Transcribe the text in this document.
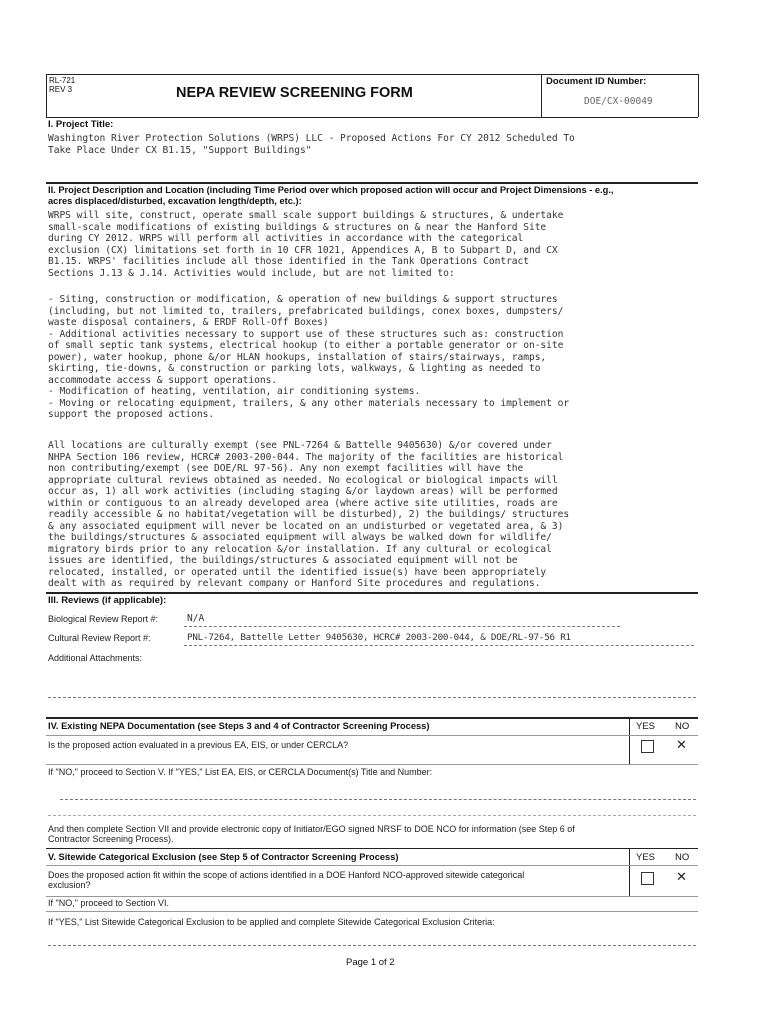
RL-721
REV 3	NEPA REVIEW SCREENING FORM
Document ID Number:
DOE/CX-00049
I. Project Title:
Washington River Protection Solutions (WRPS) LLC - Proposed Actions For CY 2012 Scheduled To
Take Place Under CX B1.15, "Support Buildings"
II. Project Description and Location (including Time Period over which proposed action will occur and Project Dimensions - e.g.,
acres displaced/disturbed, excavation length/depth, etc.):
WRPS will site, construct, operate small scale support buildings & structures, & undertake
small-scale modifications of existing buildings & structures on & near the Hanford Site
during CY 2012. WRPS will perform all activities in accordance with the categorical
exclusion (CX) limitations set forth in 10 CFR 1021, Appendices A, B to Subpart D, and CX
B1.15. WRPS' facilities include all those identified in the Tank Operations Contract
Sections J.13 & J.14. Activities would include, but are not limited to:
- Siting, construction or modification, & operation of new buildings & support structures
(including, but not limited to, trailers, prefabricated buildings, conex boxes, dumpsters/
waste disposal containers, & ERDF Roll-Off Boxes)
- Additional activities necessary to support use of these structures such as: construction
of small septic tank systems, electrical hookup (to either a portable generator or on-site
power), water hookup, phone &/or HLAN hookups, installation of stairs/stairways, ramps,
skirting, tie-downs, & construction or parking lots, walkways, & lighting as needed to
accommodate access & support operations.
- Modification of heating, ventilation, air conditioning systems.
- Moving or relocating equipment, trailers, & any other materials necessary to implement or
support the proposed actions.
All locations are culturally exempt (see PNL-7264 & Battelle 9405630) &/or covered under
NHPA Section 106 review, HCRC# 2003-200-044. The majority of the facilities are historical
non contributing/exempt (see DOE/RL 97-56). Any non exempt facilities will have the
appropriate cultural reviews obtained as needed. No ecological or biological impacts will
occur as, 1) all work activities (including staging &/or laydown areas) will be performed
within or contiguous to an already developed area (where active site utilities, roads are
readily accessible & no habitat/vegetation will be disturbed), 2) the buildings/ structures
& any associated equipment will never be located on an undisturbed or vegetated area, & 3)
the buildings/structures & associated equipment will always be walked down for wildlife/
migratory birds prior to any relocation &/or installation. If any cultural or ecological
issues are identified, the buildings/structures & associated equipment will not be
relocated, installed, or operated until the identified issue(s) have been appropriately
dealt with as required by relevant company or Hanford Site procedures and regulations.
III. Reviews (if applicable):
Biological Review Report #:	N/A
Cultural Review Report #:	PNL-7264, Battelle Letter 9405630, HCRC# 2003-200-044, & DOE/RL-97-56 R1
Additional Attachments:
IV. Existing NEPA Documentation (see Steps 3 and 4 of Contractor Screening Process)	YES NO
Is the proposed action evaluated in a previous EA, EIS, or under CERCLA?	✕
If "NO," proceed to Section V. If "YES," List EA, EIS, or CERCLA Document(s) Title and Number:
And then complete Section VII and provide electronic copy of Initiator/EGO signed NRSF to DOE NCO for information (see Step 6 of
Contractor Screening Process).
V. Sitewide Categorical Exclusion (see Step 5 of Contractor Screening Process)	YES NO
Does the proposed action fit within the scope of actions identified in a DOE Hanford NCO-approved sitewide categorical
exclusion?
✕
If "NO," proceed to Section VI.
If "YES," List Sitewide Categorical Exclusion to be applied and complete Sitewide Categorical Exclusion Criteria:
Page 1 of 2
